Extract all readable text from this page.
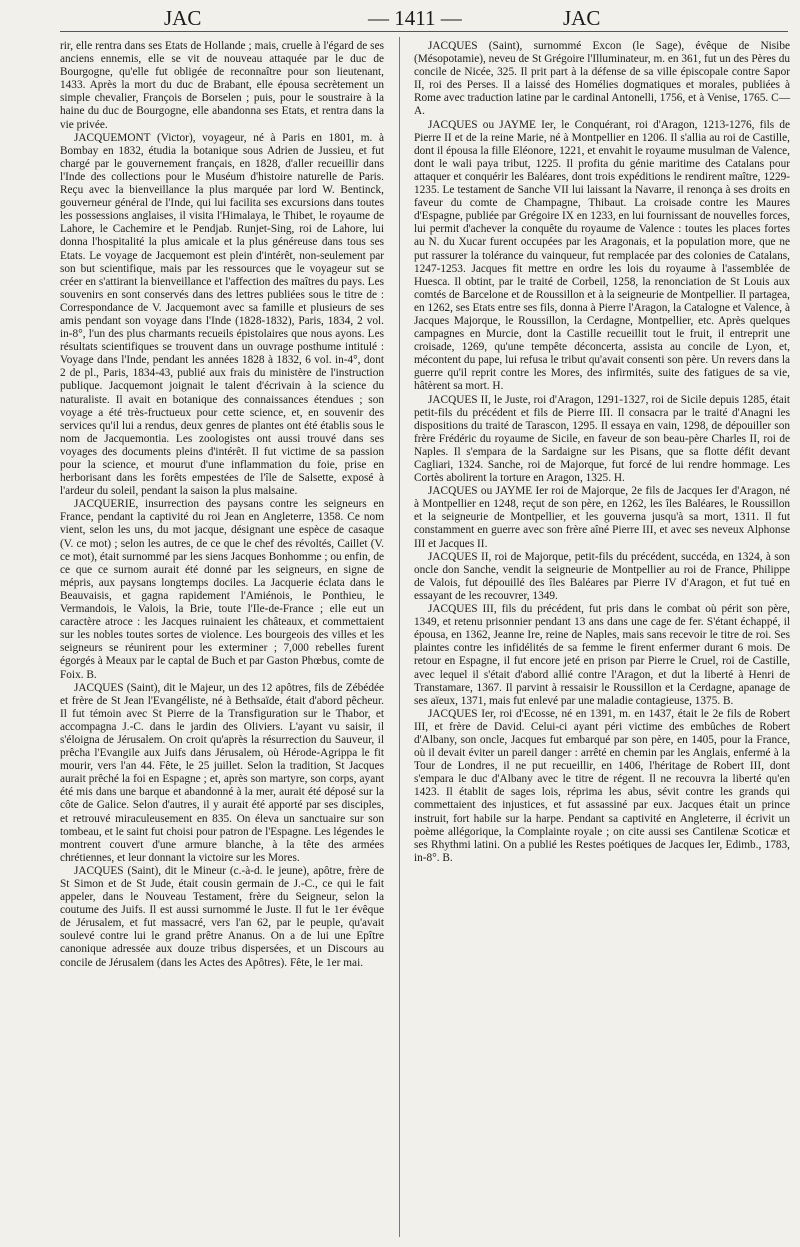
JAC	— 1411 —	JAC

rir, elle rentra dans ses Etats de Hollande ; mais, cruelle à l'égard de ses anciens ennemis, elle se vit de nouveau attaquée par le duc de Bourgogne, qu'elle fut obligée de reconnaître pour son lieutenant, 1433. Après la mort du duc de Brabant, elle épousa secrètement un simple chevalier, François de Borselen ; puis, pour le soustraire à la haine du duc de Bourgogne, elle abandonna ses Etats, et rentra dans la vie privée.

JACQUEMONT (Victor), voyageur, né à Paris en 1801, m. à Bombay en 1832, étudia la botanique sous Adrien de Jussieu, et fut chargé par le gouvernement français, en 1828, d'aller recueillir dans l'Inde des collections pour le Muséum d'histoire naturelle de Paris. Reçu avec la bienveillance la plus marquée par lord W. Bentinck, gouverneur général de l'Inde, qui lui facilita ses excursions dans toutes les possessions anglaises, il visita l'Himalaya, le Thibet, le royaume de Lahore, le Cachemire et le Pendjab. Runjet-Sing, roi de Lahore, lui donna l'hospitalité la plus amicale et la plus généreuse dans tous ses Etats. Le voyage de Jacquemont est plein d'intérêt, non-seulement par son but scientifique, mais par les ressources que le voyageur sut se créer en s'attirant la bienveillance et l'affection des maîtres du pays. Les souvenirs en sont conservés dans des lettres publiées sous le titre de : Correspondance de V. Jacquemont avec sa famille et plusieurs de ses amis pendant son voyage dans l'Inde (1828-1832), Paris, 1834, 2 vol. in-8°, l'un des plus charmants recueils épistolaires que nous ayons. Les résultats scientifiques se trouvent dans un ouvrage posthume intitulé : Voyage dans l'Inde, pendant les années 1828 à 1832, 6 vol. in-4°, dont 2 de pl., Paris, 1834-43, publié aux frais du ministère de l'instruction publique. Jacquemont joignait le talent d'écrivain à la science du naturaliste. Il avait en botanique des connaissances étendues ; son voyage a été très-fructueux pour cette science, et, en souvenir des services qu'il lui a rendus, deux genres de plantes ont été établis sous le nom de Jacquemontia. Les zoologistes ont aussi trouvé dans ses voyages des documents pleins d'intérêt. Il fut victime de sa passion pour la science, et mourut d'une inflammation du foie, prise en herborisant dans les forêts empestées de l'île de Salsette, exposé à l'ardeur du soleil, pendant la saison la plus malsaine.

JACQUERIE, insurrection des paysans contre les seigneurs en France, pendant la captivité du roi Jean en Angleterre, 1358. Ce nom vient, selon les uns, du mot jacque, désignant une espèce de casaque (V. ce mot) ; selon les autres, de ce que le chef des révoltés, Caillet (V. ce mot), était surnommé par les siens Jacques Bonhomme ; ou enfin, de ce que ce surnom aurait été donné par les seigneurs, en signe de mépris, aux paysans longtemps dociles. La Jacquerie éclata dans le Beauvaisis, et gagna rapidement l'Amiénois, le Ponthieu, le Vermandois, le Valois, la Brie, toute l'Ile-de-France ; elle eut un caractère atroce : les Jacques ruinaient les châteaux, et commettaient sur les nobles toutes sortes de violence. Les bourgeois des villes et les seigneurs se réunirent pour les exterminer ; 7,000 rebelles furent égorgés à Meaux par le captal de Buch et par Gaston Phœbus, comte de Foix. B.

JACQUES (Saint), dit le Majeur, un des 12 apôtres, fils de Zébédée et frère de St Jean l'Evangéliste, né à Bethsaïde, était d'abord pêcheur. Il fut témoin avec St Pierre de la Transfiguration sur le Thabor, et accompagna J.-C. dans le jardin des Oliviers. L'ayant vu saisir, il s'éloigna de Jérusalem. On croit qu'après la résurrection du Sauveur, il prêcha l'Evangile aux Juifs dans Jérusalem, où Hérode-Agrippa le fit mourir, vers l'an 44. Fête, le 25 juillet. Selon la tradition, St Jacques aurait prêché la foi en Espagne ; et, après son martyre, son corps, ayant été mis dans une barque et abandonné à la mer, aurait été déposé sur la côte de Galice. Selon d'autres, il y aurait été apporté par ses disciples, et retrouvé miraculeusement en 835. On éleva un sanctuaire sur son tombeau, et le saint fut choisi pour patron de l'Espagne. Les légendes le montrent couvert d'une armure blanche, à la tête des armées chrétiennes, et leur donnant la victoire sur les Mores.

JACQUES (Saint), dit le Mineur (c.-à-d. le jeune), apôtre, frère de St Simon et de St Jude, était cousin germain de J.-C., ce qui le fait appeler, dans le Nouveau Testament, frère du Seigneur, selon la coutume des Juifs. Il est aussi surnommé le Juste. Il fut le 1er évêque de Jérusalem, et fut massacré, vers l'an 62, par le peuple, qu'avait soulevé contre lui le grand prêtre Ananus. On a de lui une Epître canonique adressée aux douze tribus dispersées, et un Discours au concile de Jérusalem (dans les Actes des Apôtres). Fête, le 1er mai.

JACQUES (Saint), surnommé Excon (le Sage), évêque de Nisibe (Mésopotamie), neveu de St Grégoire l'Illuminateur, m. en 361, fut un des Pères du concile de Nicée, 325. Il prit part à la défense de sa ville épiscopale contre Sapor II, roi des Perses. Il a laissé des Homélies dogmatiques et morales, publiées à Rome avec traduction latine par le cardinal Antonelli, 1756, et à Venise, 1765. C—A.

JACQUES ou JAYME Ier, le Conquérant, roi d'Aragon, 1213-1276, fils de Pierre II et de la reine Marie, né à Montpellier en 1206. Il s'allia au roi de Castille, dont il épousa la fille Eléonore, 1221, et envahit le royaume musulman de Valence, dont le wali paya tribut, 1225. Il profita du génie maritime des Catalans pour attaquer et conquérir les Baléares, dont trois expéditions le rendirent maître, 1229-1235. Le testament de Sanche VII lui laissant la Navarre, il renonça à ses droits en faveur du comte de Champagne, Thibaut. La croisade contre les Maures d'Espagne, publiée par Grégoire IX en 1233, en lui fournissant de nouvelles forces, lui permit d'achever la conquête du royaume de Valence : toutes les places fortes au N. du Xucar furent occupées par les Aragonais, et la population more, que ne put rassurer la tolérance du vainqueur, fut remplacée par des colonies de Catalans, 1247-1253. Jacques fit mettre en ordre les lois du royaume à l'assemblée de Huesca. Il obtint, par le traité de Corbeil, 1258, la renonciation de St Louis aux comtés de Barcelone et de Roussillon et à la seigneurie de Montpellier. Il partagea, en 1262, ses Etats entre ses fils, donna à Pierre l'Aragon, la Catalogne et Valence, à Jacques Majorque, le Roussillon, la Cerdagne, Montpellier, etc. Après quelques campagnes en Murcie, dont la Castille recueillit tout le fruit, il entreprit une croisade, 1269, qu'une tempête déconcerta, assista au concile de Lyon, et, mécontent du pape, lui refusa le tribut qu'avait consenti son père. Un revers dans la guerre qu'il reprit contre les Mores, des infirmités, suite des fatigues de sa vie, hâtèrent sa mort. H.

JACQUES II, le Juste, roi d'Aragon, 1291-1327, roi de Sicile depuis 1285, était petit-fils du précédent et fils de Pierre III. Il consacra par le traité d'Anagni les dispositions du traité de Tarascon, 1295. Il essaya en vain, 1298, de dépouiller son frère Frédéric du royaume de Sicile, en faveur de son beau-père Charles II, roi de Naples. Il s'empara de la Sardaigne sur les Pisans, que sa flotte défit devant Cagliari, 1324. Sanche, roi de Majorque, fut forcé de lui rendre hommage. Les Cortès abolirent la torture en Aragon, 1325. H.

JACQUES ou JAYME Ier roi de Majorque, 2e fils de Jacques Ier d'Aragon, né à Montpellier en 1248, reçut de son père, en 1262, les îles Baléares, le Roussillon et la seigneurie de Montpellier, et les gouverna jusqu'à sa mort, 1311. Il fut constamment en guerre avec son frère aîné Pierre III, et avec ses neveux Alphonse III et Jacques II.

JACQUES II, roi de Majorque, petit-fils du précédent, succéda, en 1324, à son oncle don Sanche, vendit la seigneurie de Montpellier au roi de France, Philippe de Valois, fut dépouillé des îles Baléares par Pierre IV d'Aragon, et fut tué en essayant de les recouvrer, 1349.

JACQUES III, fils du précédent, fut pris dans le combat où périt son père, 1349, et retenu prisonnier pendant 13 ans dans une cage de fer. S'étant échappé, il épousa, en 1362, Jeanne Ire, reine de Naples, mais sans recevoir le titre de roi. Ses plaintes contre les infidélités de sa femme le firent enfermer durant 6 mois. De retour en Espagne, il fut encore jeté en prison par Pierre le Cruel, roi de Castille, avec lequel il s'était d'abord allié contre l'Aragon, et dut la liberté à Henri de Transtamare, 1367. Il parvint à ressaisir le Roussillon et la Cerdagne, apanage de ses aïeux, 1371, mais fut enlevé par une maladie contagieuse, 1375. B.

JACQUES Ier, roi d'Ecosse, né en 1391, m. en 1437, était le 2e fils de Robert III, et frère de David. Celui-ci ayant péri victime des embûches de Robert d'Albany, son oncle, Jacques fut embarqué par son père, en 1405, pour la France, où il devait éviter un pareil danger : arrêté en chemin par les Anglais, enfermé à la Tour de Londres, il ne put recueillir, en 1406, l'héritage de Robert III, dont s'empara le duc d'Albany avec le titre de régent. Il ne recouvra la liberté qu'en 1423. Il établit de sages lois, réprima les abus, sévit contre les grands qui commettaient des injustices, et fut assassiné par eux. Jacques était un prince instruit, fort habile sur la harpe. Pendant sa captivité en Angleterre, il écrivit un poème allégorique, la Complainte royale ; on cite aussi ses Cantilenæ Scoticæ et ses Rhythmi latini. On a publié les Restes poétiques de Jacques Ier, Edimb., 1783, in-8°. B.
